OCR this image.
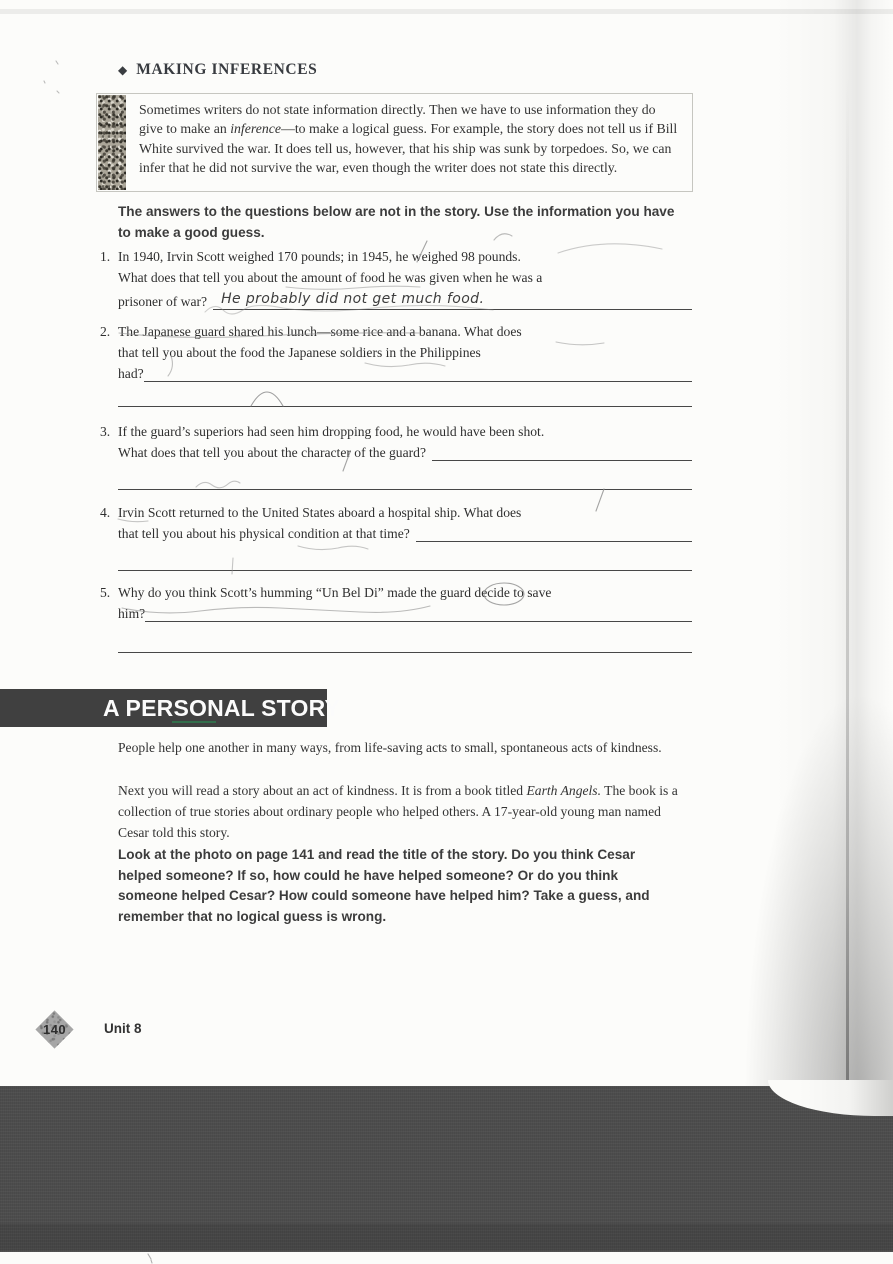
◆ MAKING INFERENCES
Sometimes writers do not state information directly. Then we have to use information they do give to make an inference—to make a logical guess. For example, the story does not tell us if Bill White survived the war. It does tell us, however, that his ship was sunk by torpedoes. So, we can infer that he did not survive the war, even though the writer does not state this directly.
The answers to the questions below are not in the story. Use the information you have to make a good guess.
1. In 1940, Irvin Scott weighed 170 pounds; in 1945, he weighed 98 pounds.
What does that tell you about the amount of food he was given when he was a
prisoner of war?	He probably did not get much food.
2. The Japanese guard shared his lunch—some rice and a banana. What does
that tell you about the food the Japanese soldiers in the Philippines
had?
3. If the guard’s superiors had seen him dropping food, he would have been shot.
What does that tell you about the character of the guard?
4. Irvin Scott returned to the United States aboard a hospital ship. What does
that tell you about his physical condition at that time?
5. Why do you think Scott’s humming “Un Bel Di” made the guard decide to save
him?
A PERSONAL STORY
People help one another in many ways, from life-saving acts to small, spontaneous acts of kindness.
Next you will read a story about an act of kindness. It is from a book titled Earth Angels. The book is a collection of true stories about ordinary people who helped others. A 17-year-old young man named Cesar told this story.
Look at the photo on page 141 and read the title of the story. Do you think Cesar helped someone? If so, how could he have helped someone? Or do you think someone helped Cesar? How could someone have helped him? Take a guess, and remember that no logical guess is wrong.
140	Unit 8
